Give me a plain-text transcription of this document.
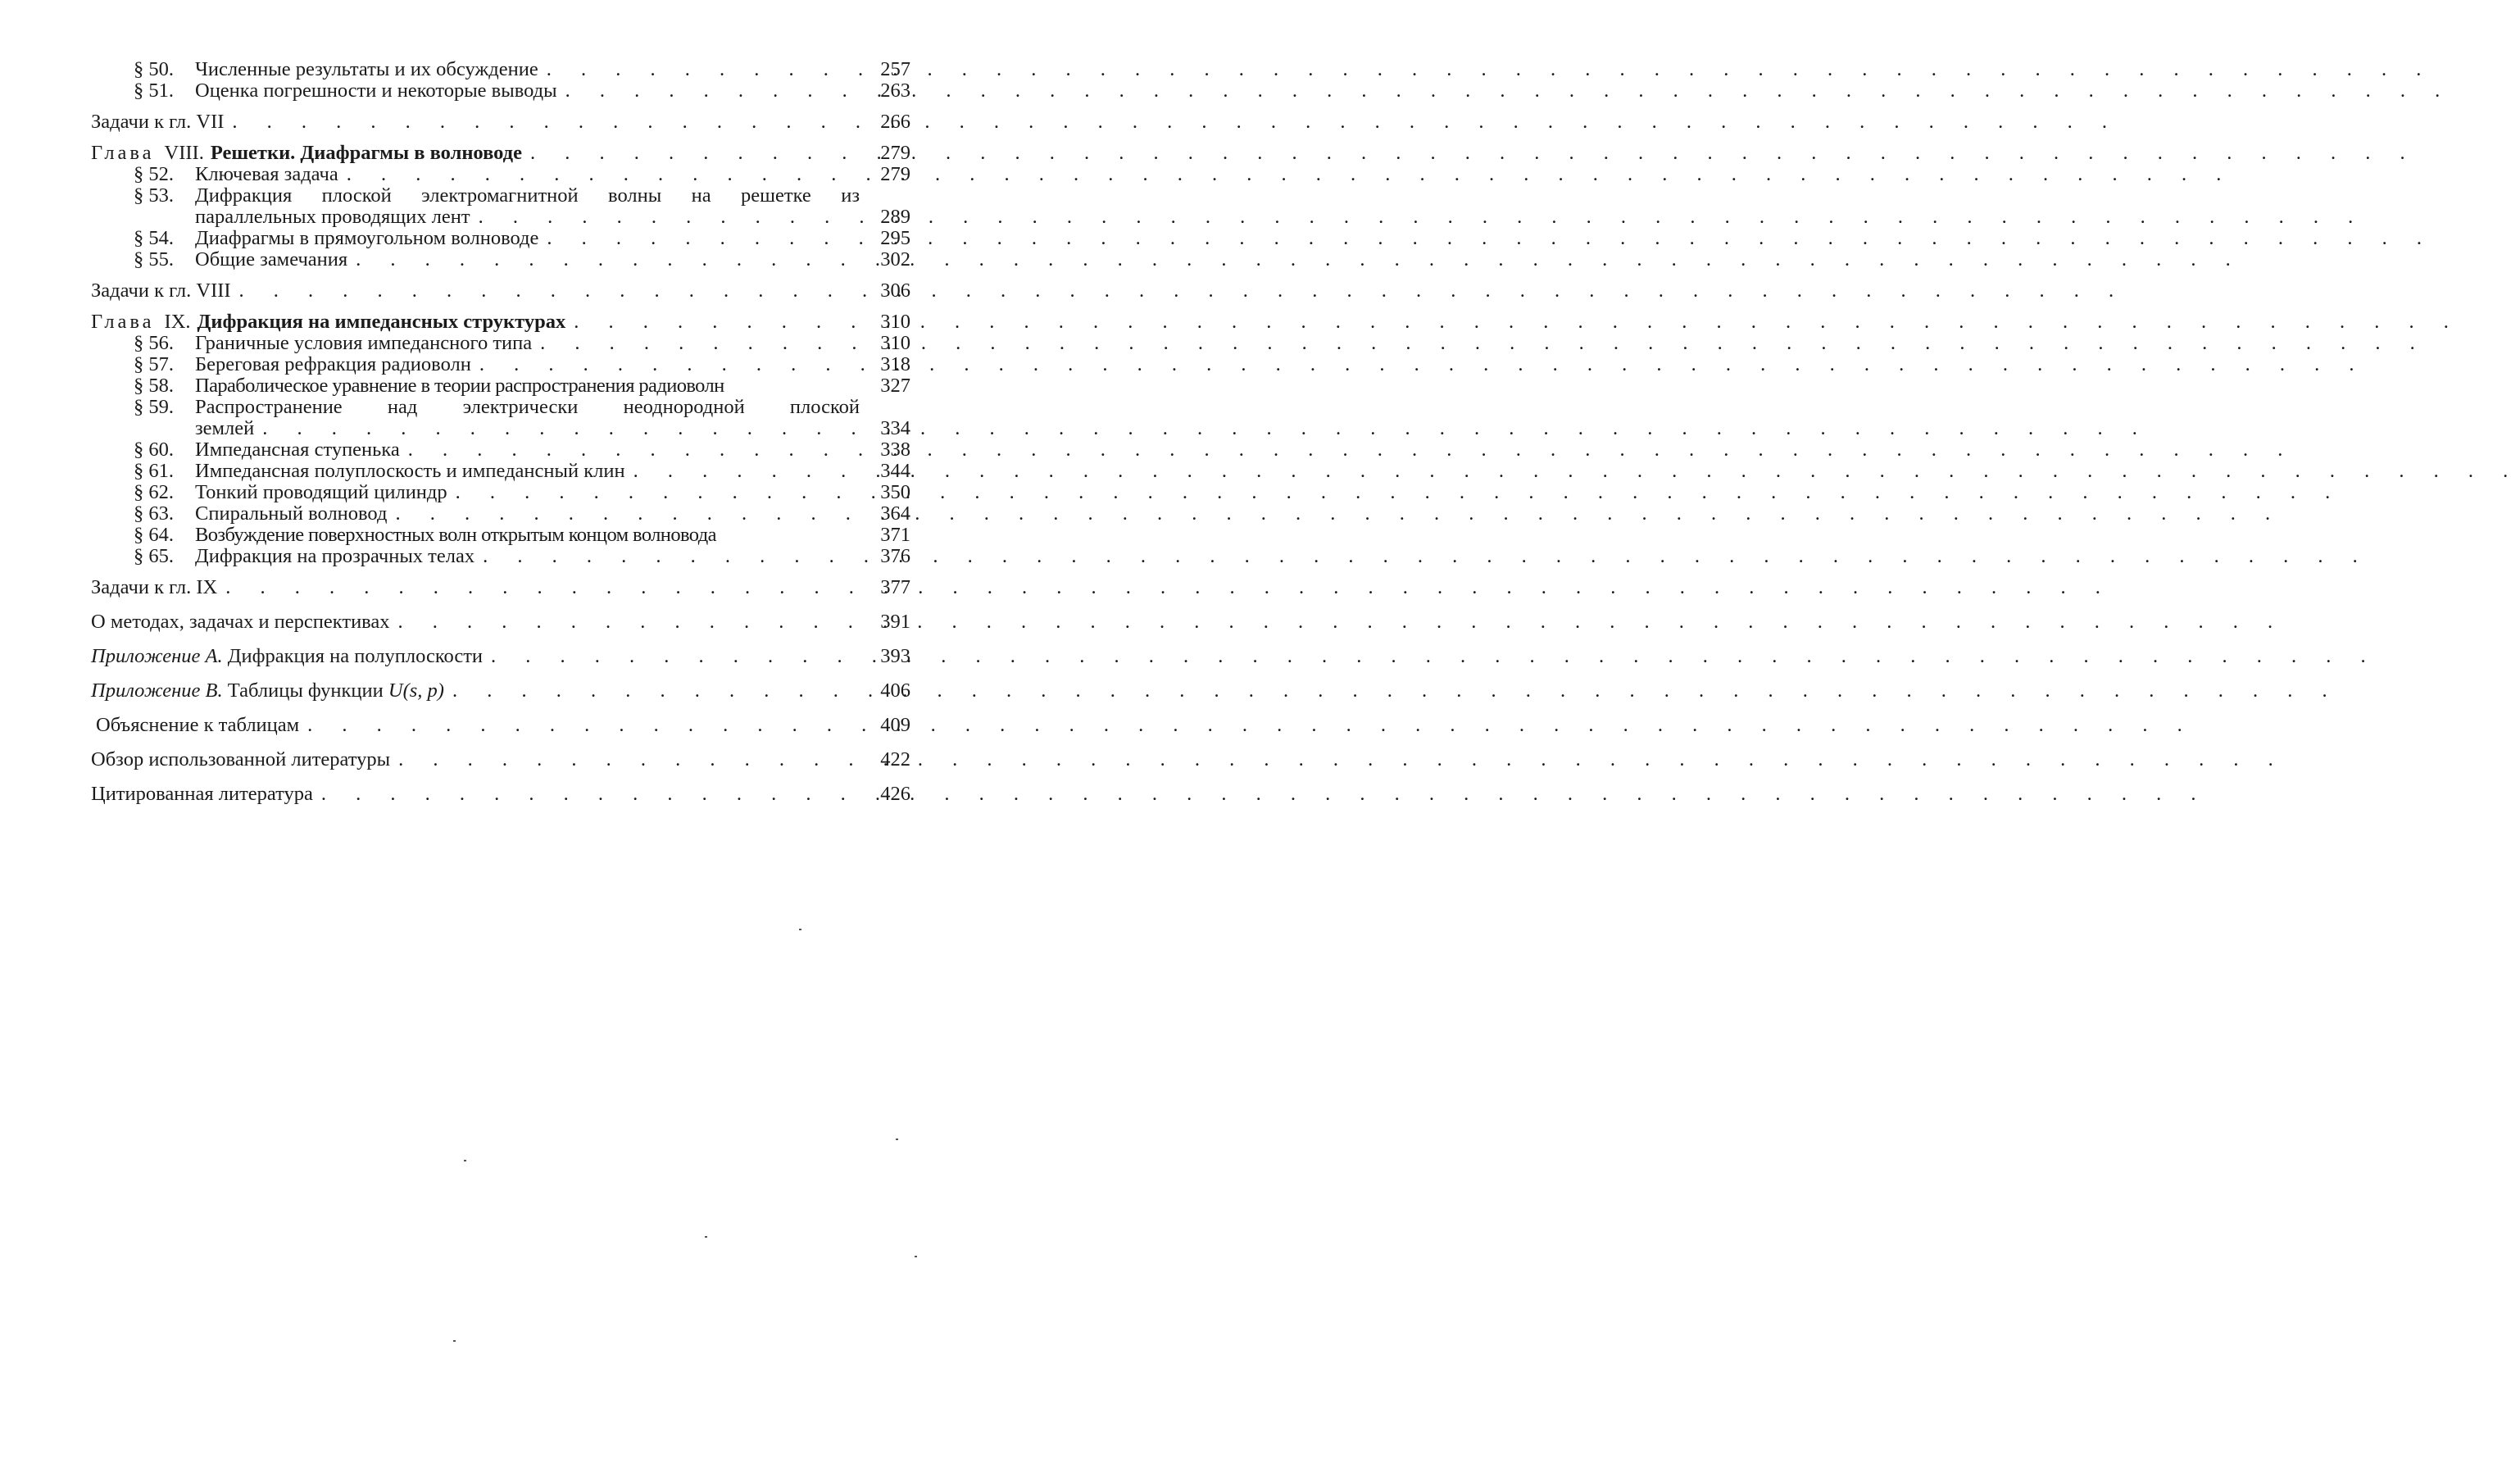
§ 50.	Численные результаты и их обсуждение . . .	257
§ 51.	Оценка погрешности и некоторые выводы . . .	263
Задачи к гл. VII . . .	266
Глава VIII. Решетки. Диафрагмы в волноводе . . .	279
§ 52.	Ключевая задача . . .	279
§ 53.	Дифракция плоской электромагнитной волны на решетке из
параллельных проводящих лент . . .	289
§ 54.	Диафрагмы в прямоугольном волноводе . . .	295
§ 55.	Общие замечания . . .	302
Задачи к гл. VIII . . .	306
Глава IX. Дифракция на импедансных структурах . . .	310
§ 56.	Граничные условия импедансного типа . . .	310
§ 57.	Береговая рефракция радиоволн . . .	318
§ 58.	Параболическое уравнение в теории распространения радиоволн	327
§ 59.	Распространение над электрически неоднородной плоской
землей . . .	334
§ 60.	Импедансная ступенька . . .	338
§ 61.	Импедансная полуплоскость и импедансный клин . . .	344
§ 62.	Тонкий проводящий цилиндр . . .	350
§ 63.	Спиральный волновод . . .	364
§ 64.	Возбуждение поверхностных волн открытым концом волновода	371
§ 65.	Дифракция на прозрачных телах . . .	376
Задачи к гл. IX . . .	377
О методах, задачах и перспективах . . .	391
Приложение А. Дифракция на полуплоскости . . .	393
Приложение В. Таблицы функции U(s, p) . . .	406
Объяснение к таблицам . . .	409
Обзор использованной литературы . . .	422
Цитированная литература . . .	426
